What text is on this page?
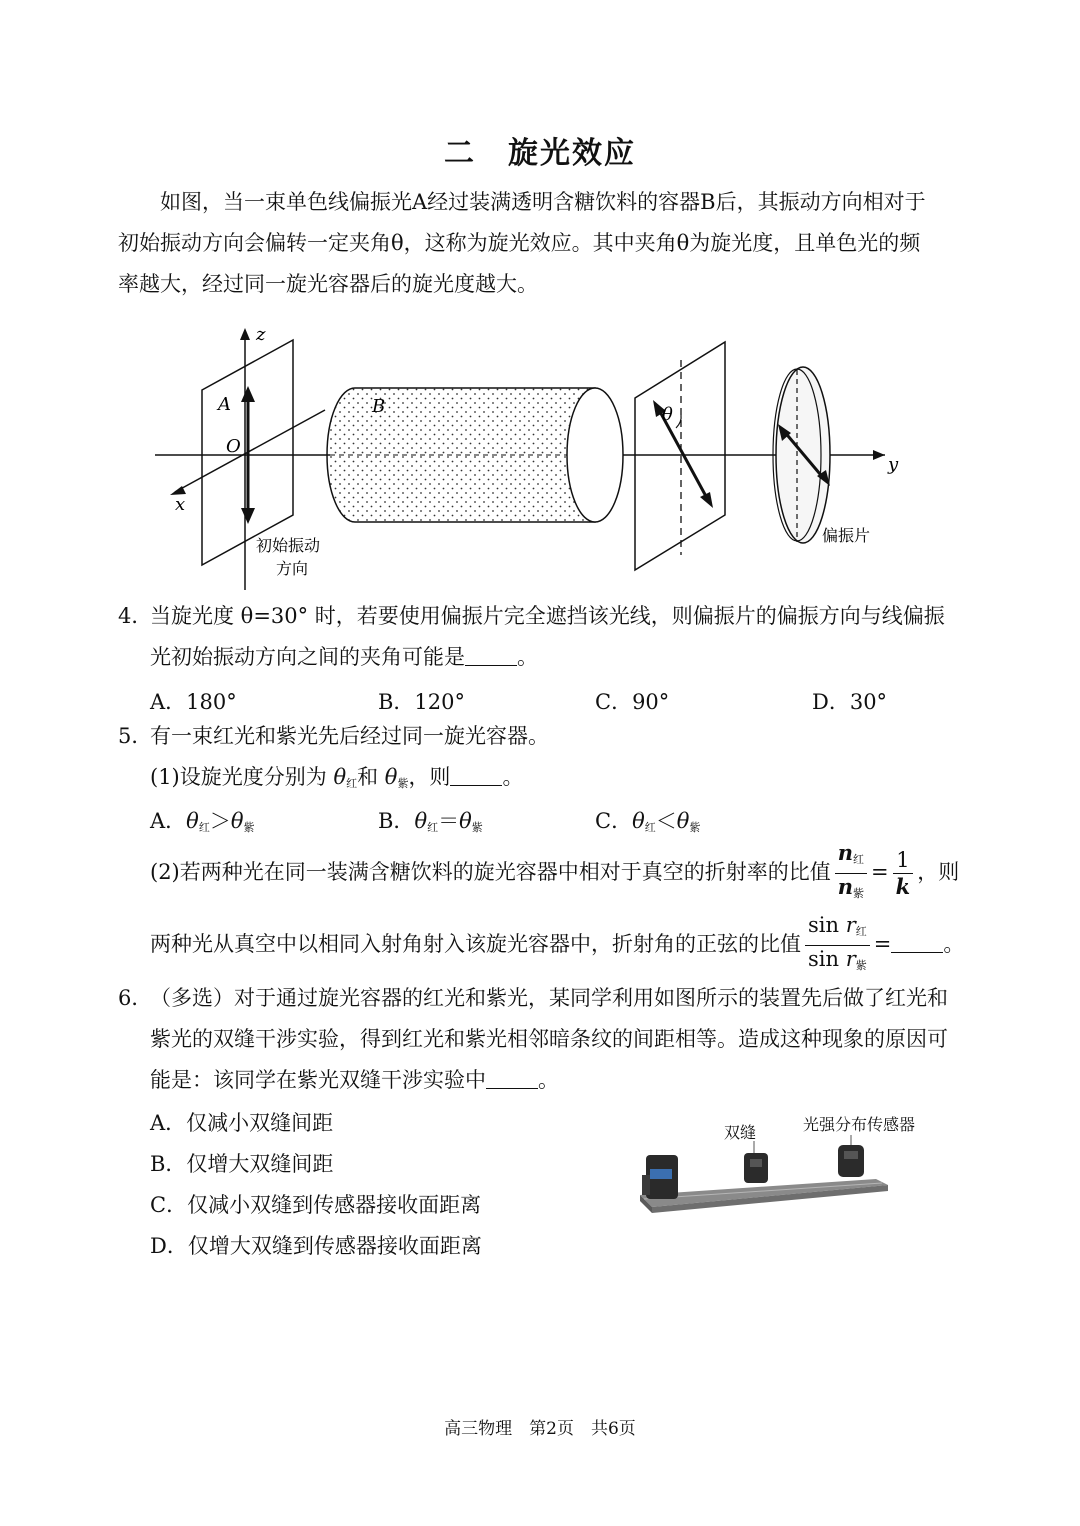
二　旋光效应
如图，当一束单色线偏振光A经过装满透明含糖饮料的容器B后，其振动方向相对于
初始振动方向会偏转一定夹角θ，这称为旋光效应。其中夹角θ为旋光度，且单色光的频
率越大，经过同一旋光容器后的旋光度越大。
y
z
x
A
O
初始振动
方向
B	θ
偏振片
4．当旋光度 θ=30° 时，若要使用偏振片完全遮挡该光线，则偏振片的偏振方向与线偏振
光初始振动方向之间的夹角可能是 。
A．180°	B．120°	C．90°	D．30°
5．有一束红光和紫光先后经过同一旋光容器。
(1)设旋光度分别为 $\theta_红$和 $\theta_紫$，则 。
A．$\theta_红>\theta_紫$	B．$\theta_红=\theta_紫$	C．$\theta_红<\theta_紫$
(2)若两种光在同一装满含糖饮料的旋光容器中相对于真空的折射率的比值 $\frac{n_红}{n_紫} = \frac{1}{k}$ ，则
两种光从真空中以相同入射角射入该旋光容器中，折射角的正弦的比值 $\frac{\sin r_红}{\sin r_紫}$ = 。
6．（多选）对于通过旋光容器的红光和紫光，某同学利用如图所示的装置先后做了红光和
紫光的双缝干涉实验，得到红光和紫光相邻暗条纹的间距相等。造成这种现象的原因可
能是：该同学在紫光双缝干涉实验中 。
A．仅减小双缝间距
B．仅增大双缝间距
C．仅减小双缝到传感器接收面距离
D．仅增大双缝到传感器接收面距离
双缝	光强分布传感器
高三物理　第2页　共6页
